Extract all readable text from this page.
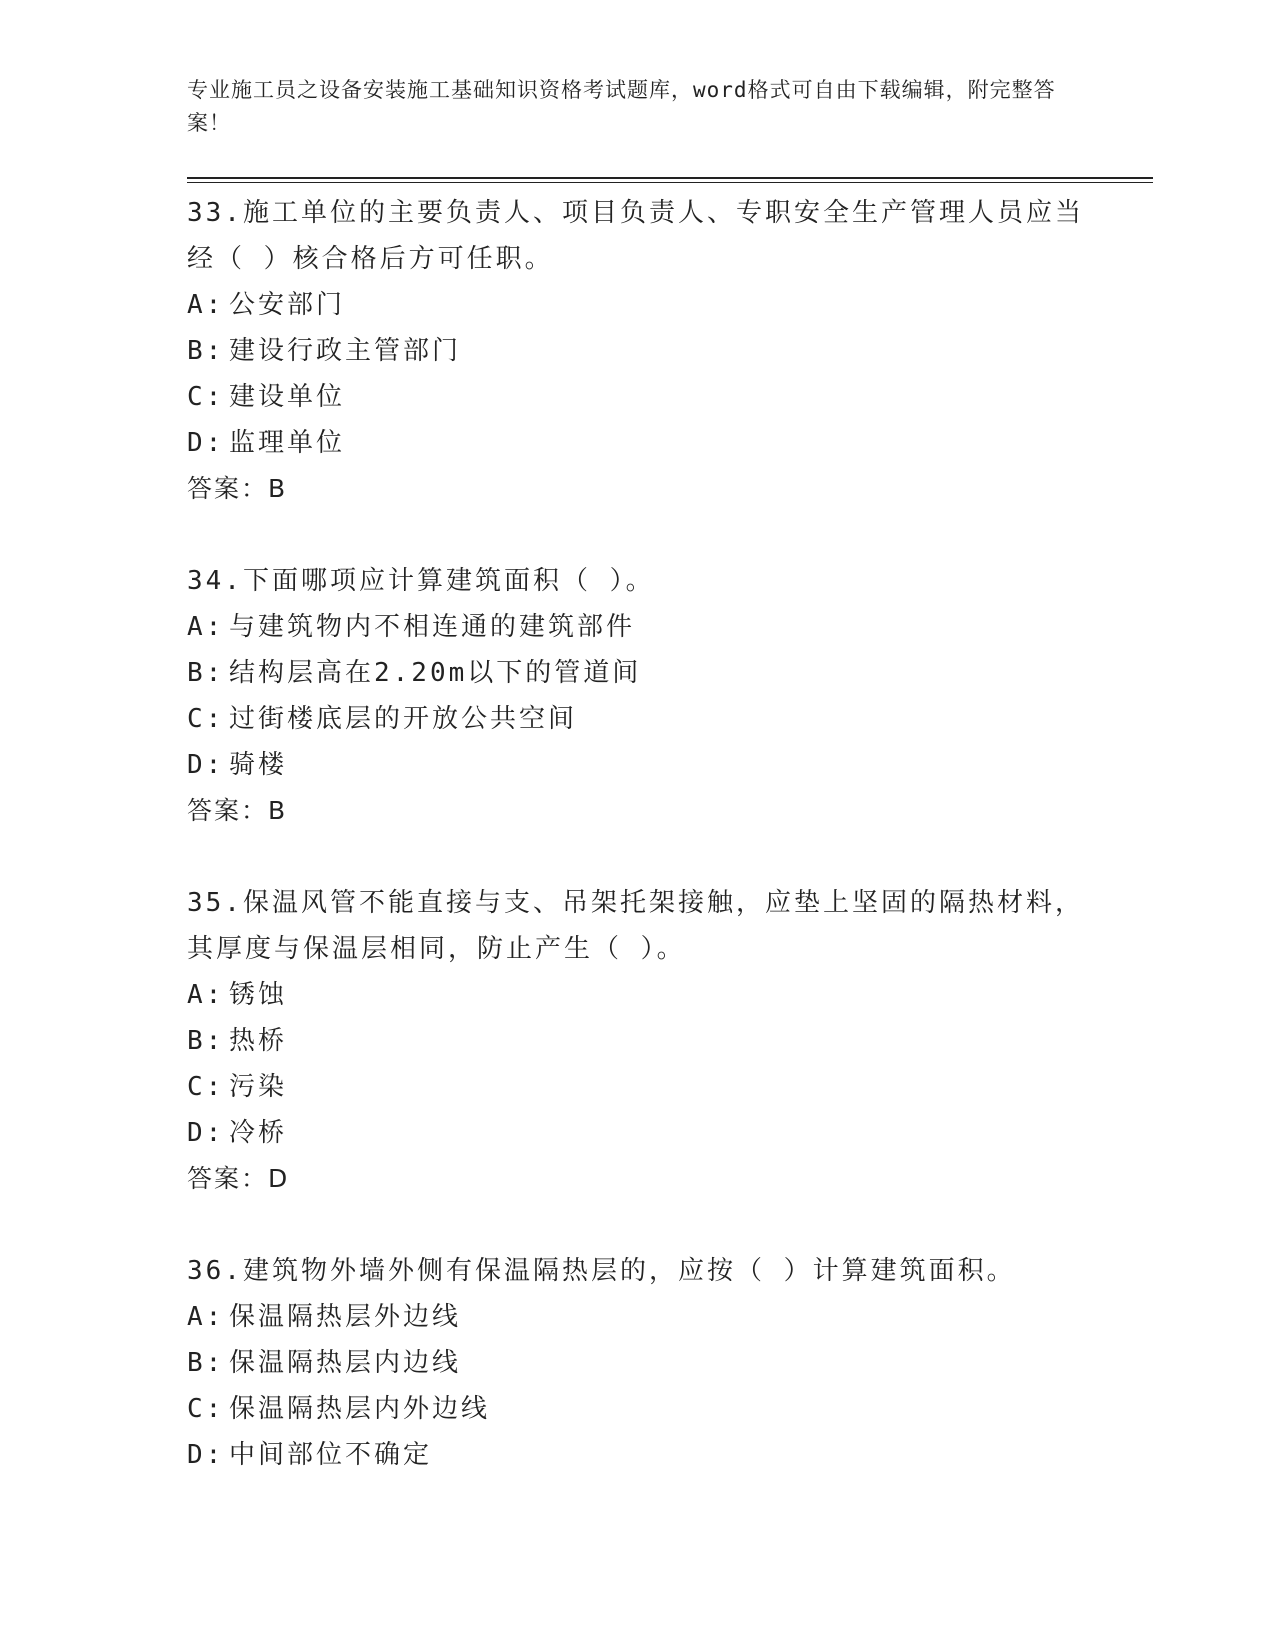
专业施工员之设备安装施工基础知识资格考试题库，word格式可自由下载编辑，附完整答案！
33.施工单位的主要负责人、项目负责人、专职安全生产管理人员应当经（ ）核合格后方可任职。
A: 公安部门
B: 建设行政主管部门
C: 建设单位
D: 监理单位
答案：B
34.下面哪项应计算建筑面积（ ）。
A: 与建筑物内不相连通的建筑部件
B: 结构层高在2.20m以下的管道间
C: 过街楼底层的开放公共空间
D: 骑楼
答案：B
35.保温风管不能直接与支、吊架托架接触，应垫上坚固的隔热材料，其厚度与保温层相同，防止产生（ ）。
A: 锈蚀
B: 热桥
C: 污染
D: 冷桥
答案：D
36.建筑物外墙外侧有保温隔热层的，应按（ ）计算建筑面积。
A: 保温隔热层外边线
B: 保温隔热层内边线
C: 保温隔热层内外边线
D: 中间部位不确定
